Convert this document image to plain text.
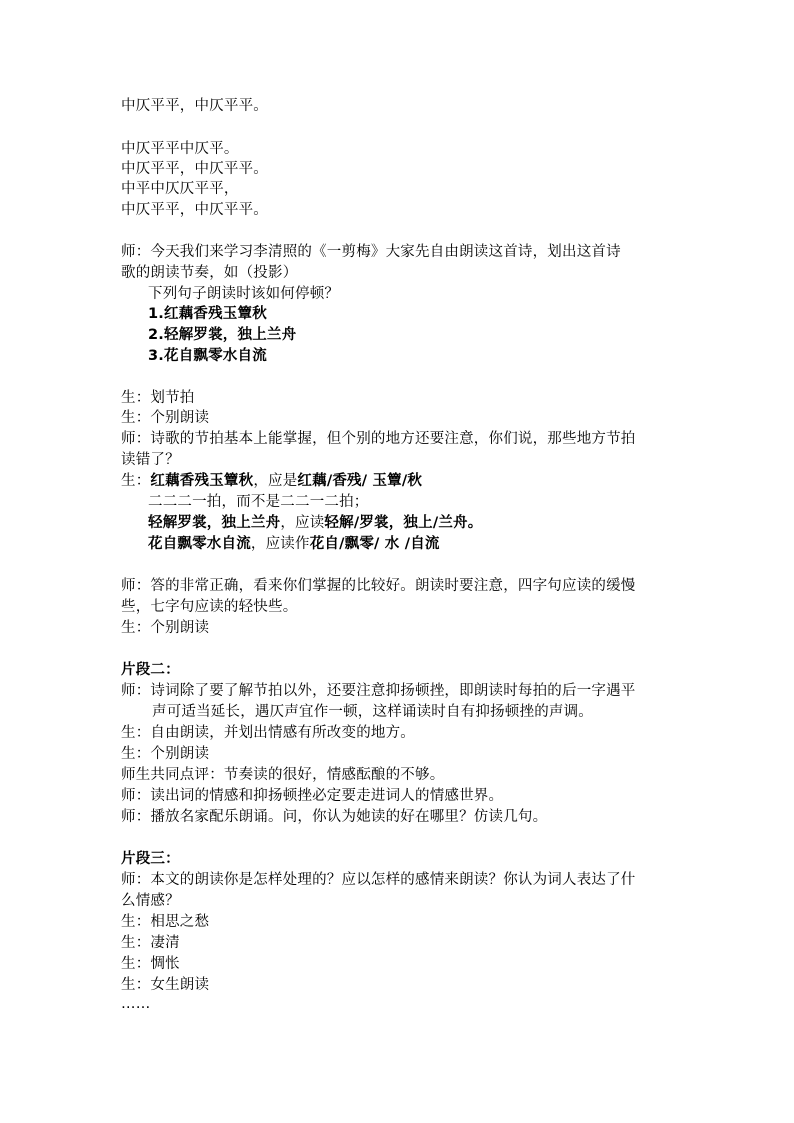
中仄平平，中仄平平。
中仄平平中仄平。
中仄平平，中仄平平。
中平中仄仄平平，
中仄平平，中仄平平。
师：今天我们来学习李清照的《一剪梅》大家先自由朗读这首诗，划出这首诗
歌的朗读节奏，如（投影）
下列句子朗读时该如何停顿？
1.红藕香残玉簟秋
2.轻解罗裳，独上兰舟
3.花自飘零水自流
生：划节拍
生：个别朗读
师：诗歌的节拍基本上能掌握，但个别的地方还要注意，你们说，那些地方节拍
读错了？
生：红藕香残玉簟秋，应是红藕/香残/ 玉簟/秋
二二二一拍，而不是二二一二拍；
轻解罗裳，独上兰舟，应读轻解/罗裳，独上/兰舟。
花自飘零水自流，应读作花自/飘零/ 水 /自流
师：答的非常正确，看来你们掌握的比较好。朗读时要注意，四字句应读的缓慢
些，七字句应读的轻快些。
生：个别朗读
片段二：
师：诗词除了要了解节拍以外，还要注意抑扬顿挫，即朗读时每拍的后一字遇平
声可适当延长，遇仄声宜作一顿，这样诵读时自有抑扬顿挫的声调。
生：自由朗读，并划出情感有所改变的地方。
生：个别朗读
师生共同点评：节奏读的很好，情感酝酿的不够。
师：读出词的情感和抑扬顿挫必定要走进词人的情感世界。
师：播放名家配乐朗诵。问，你认为她读的好在哪里？仿读几句。
片段三：
师：本文的朗读你是怎样处理的？应以怎样的感情来朗读？你认为词人表达了什
么情感？
生：相思之愁
生：凄清
生：惆怅
生：女生朗读
……
